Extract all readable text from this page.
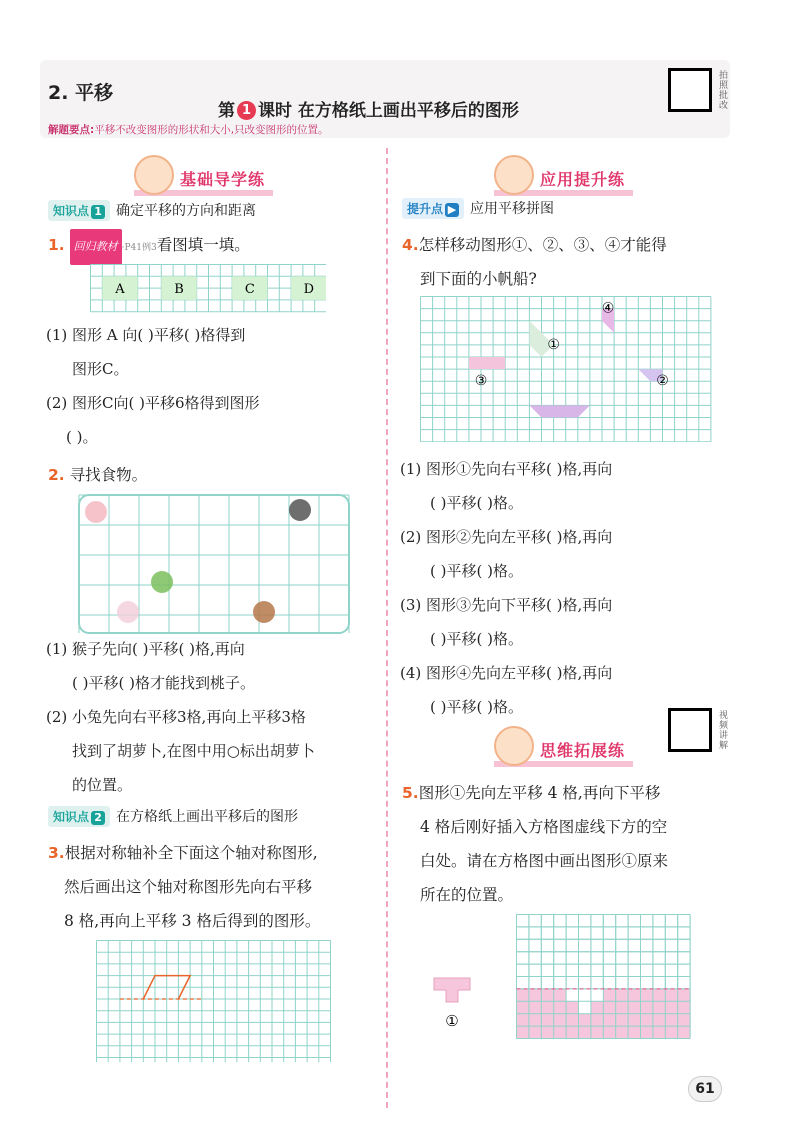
2. 平移
第 1 课时 在方格纸上画出平移后的图形
解题要点:平移不改变图形的形状和大小,只改变图形的位置。
拍照批改
基础导学练
知识点 1 确定平移的方向和距离
1. 回归教材 ·P41例3看图填一填。
A	B	C	D
(1) 图形 A 向( )平移( )格得到
图形C。
(2) 图形C向( )平移6格得到图形
( )。
2. 寻找食物。
(1) 猴子先向( )平移( )格,再向
( )平移( )格才能找到桃子。
(2) 小兔先向右平移3格,再向上平移3格
找到了胡萝卜,在图中用○标出胡萝卜
的位置。
知识点 2 在方格纸上画出平移后的图形
3.根据对称轴补全下面这个轴对称图形,
然后画出这个轴对称图形先向右平移
8 格,再向上平移 3 格后得到的图形。
应用提升练
提升点 ▶ 应用平移拼图
4.怎样移动图形①、②、③、④才能得
到下面的小帆船?
④
①
③	②
(1) 图形①先向右平移( )格,再向
( )平移( )格。
(2) 图形②先向左平移( )格,再向
( )平移( )格。
(3) 图形③先向下平移( )格,再向
( )平移( )格。
(4) 图形④先向左平移( )格,再向
( )平移( )格。
视频讲解
思维拓展练
5.图形①先向左平移 4 格,再向下平移
4 格后刚好插入方格图虚线下方的空
白处。请在方格图中画出图形①原来
所在的位置。
①
61
